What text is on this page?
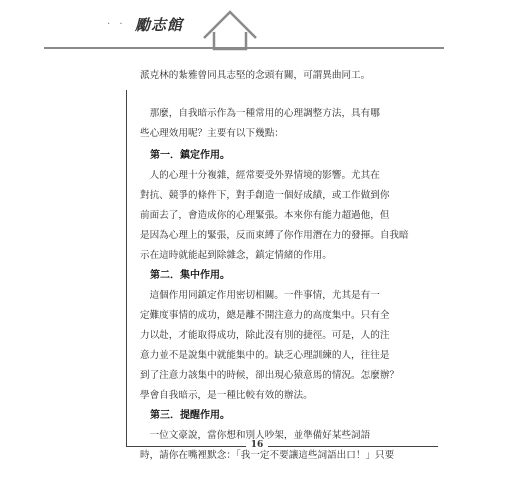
· · 勵志館
16
派克林的紮雅曾同具志堅的念頭有關，可謂異曲同工。
　那麼，自我暗示作為一種常用的心理調整方法，具有哪
些心理效用呢？主要有以下幾點：
　第一．鎮定作用。
　人的心理十分複雜，經常要受外界情境的影響。尤其在
對抗、競爭的條件下，對手創造一個好成績，或工作做到你
前面去了，會造成你的心理緊張。本來你有能力超過他，但
是因為心理上的緊張，反而束縛了你作用潛在力的發揮。自我暗
示在這時就能起到除雜念，鎮定情緒的作用。
　第二．集中作用。
　這個作用同鎮定作用密切相關。一件事情，尤其是有一
定難度事情的成功，總是離不開注意力的高度集中。只有全
力以赴，才能取得成功，除此沒有別的捷徑。可是，人的注
意力並不是說集中就能集中的。缺乏心理訓練的人，往往是
到了注意力該集中的時候，卻出現心猿意馬的情況。怎麼辦？
學會自我暗示，是一種比較有效的辦法。
　第三．提醒作用。
　一位文豪說，當你想和別人吵架，並準備好某些詞語
時，請你在嘴裡默念：「我一定不要讓這些詞語出口！」只要
